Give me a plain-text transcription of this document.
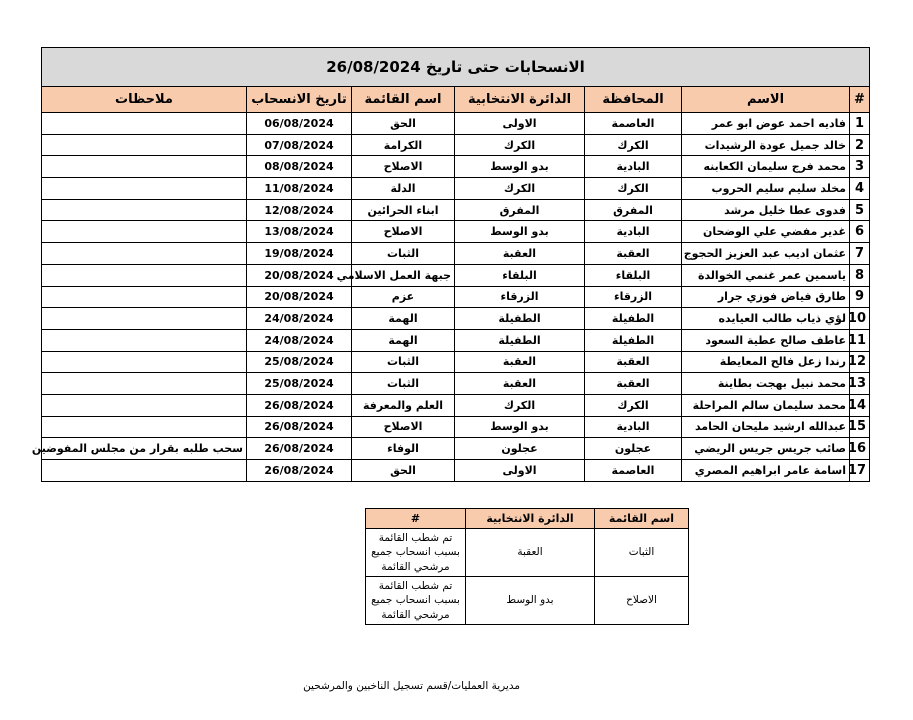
الانسحابات حتى تاريخ 26/08/2024						
#	الاسم	المحافظة	الدائرة الانتخابية	اسم القائمة	تاريخ الانسحاب	ملاحظات
1	فاديه احمد عوض ابو عمر	العاصمة	الاولى	الحق	06/08/2024	
2	خالد جميل عودة الرشيدات	الكرك	الكرك	الكرامة	07/08/2024	
3	محمد فرج سليمان الكعابنه	البادية	بدو الوسط	الاصلاح	08/08/2024	
4	مخلد سليم سليم الحروب	الكرك	الكرك	الدلة	11/08/2024	
5	فدوى عطا خليل مرشد	المفرق	المفرق	ابناء الحرائين	12/08/2024	
6	غدير مفضي علي الوضحان	البادية	بدو الوسط	الاصلاح	13/08/2024	
7	عثمان اديب عبد العزيز الحجوج	العقبة	العقبة	الثبات	19/08/2024	
8	ياسمين عمر غنمي الخوالدة	البلقاء	البلقاء	جبهة العمل الاسلامي	20/08/2024	
9	طارق فياض فوزي جرار	الزرقاء	الزرقاء	عزم	20/08/2024	
10	لؤي ذياب طالب العيايده	الطفيلة	الطفيلة	الهمة	24/08/2024	
11	عاطف صالح عطية السعود	الطفيلة	الطفيلة	الهمة	24/08/2024	
12	رندا زعل فالح المعايطة	العقبة	العقبة	الثبات	25/08/2024	
13	محمد نبيل بهجت بطاينة	العقبة	العقبة	الثبات	25/08/2024	
14	محمد سليمان سالم المراحلة	الكرك	الكرك	العلم والمعرفة	26/08/2024	
15	عبدالله ارشيد مليحان الحامد	البادية	بدو الوسط	الاصلاح	26/08/2024	
16	صائب جريس جريس الريضي	عجلون	عجلون	الوفاء	26/08/2024	سحب طلبه بقرار من مجلس المفوضين
17	اسامة عامر ابراهيم المصري	العاصمة	الاولى	الحق	26/08/2024	
اسم القائمة	الدائرة الانتخابية	#
الثبات	العقبة	تم شطب القائمة
بسبب انسحاب جميع
مرشحي القائمة

الاصلاح	بدو الوسط	تم شطب القائمة
بسبب انسحاب جميع
مرشحي القائمة
مديرية العمليات/قسم تسجيل الناخبين والمرشحين
